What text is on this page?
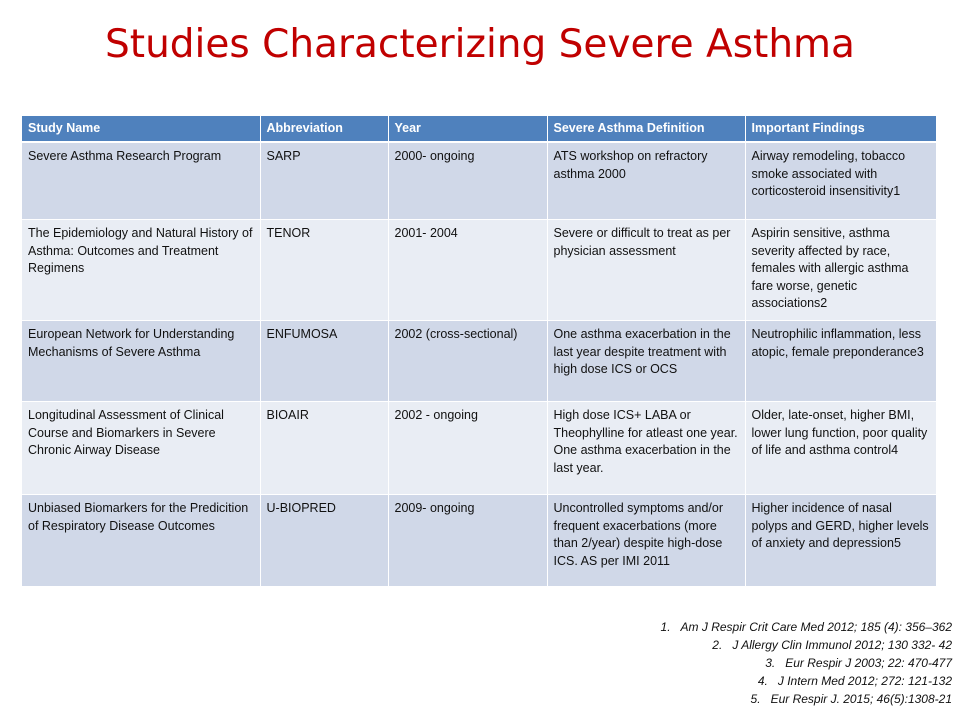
Studies Characterizing Severe Asthma
Study Name	Abbreviation	Year	Severe Asthma Definition	Important Findings
Severe Asthma Research Program	SARP	2000- ongoing	ATS workshop on refractory asthma 2000	Airway remodeling, tobacco smoke associated with corticosteroid insensitivity1
The Epidemiology and Natural History of Asthma: Outcomes and Treatment Regimens	TENOR	2001- 2004	Severe or difficult to treat as per physician assessment	Aspirin sensitive, asthma severity affected by race, females with allergic asthma fare worse, genetic associations2
European Network for Understanding Mechanisms of Severe Asthma	ENFUMOSA	2002 (cross-sectional)	One asthma exacerbation in the last year despite treatment with high dose ICS or OCS	Neutrophilic inflammation, less atopic, female preponderance3
Longitudinal Assessment of Clinical Course and Biomarkers in Severe Chronic Airway Disease	BIOAIR	2002 - ongoing	High dose ICS+ LABA or Theophylline for atleast one year. One asthma exacerbation in the last year.	Older, late-onset, higher BMI, lower lung function, poor quality of life and asthma control4
Unbiased Biomarkers for the Predicition of Respiratory Disease Outcomes	U-BIOPRED	2009- ongoing	Uncontrolled symptoms and/or frequent exacerbations (more than 2/year) despite high-dose ICS. AS per IMI 2011	Higher incidence of nasal polyps and GERD, higher levels of anxiety and depression5
1. Am J Respir Crit Care Med 2012; 185 (4): 356–362
2. J Allergy Clin Immunol 2012; 130 332- 42
3. Eur Respir J 2003; 22: 470-477
4. J Intern Med 2012; 272: 121-132
5. Eur Respir J. 2015; 46(5):1308-21
